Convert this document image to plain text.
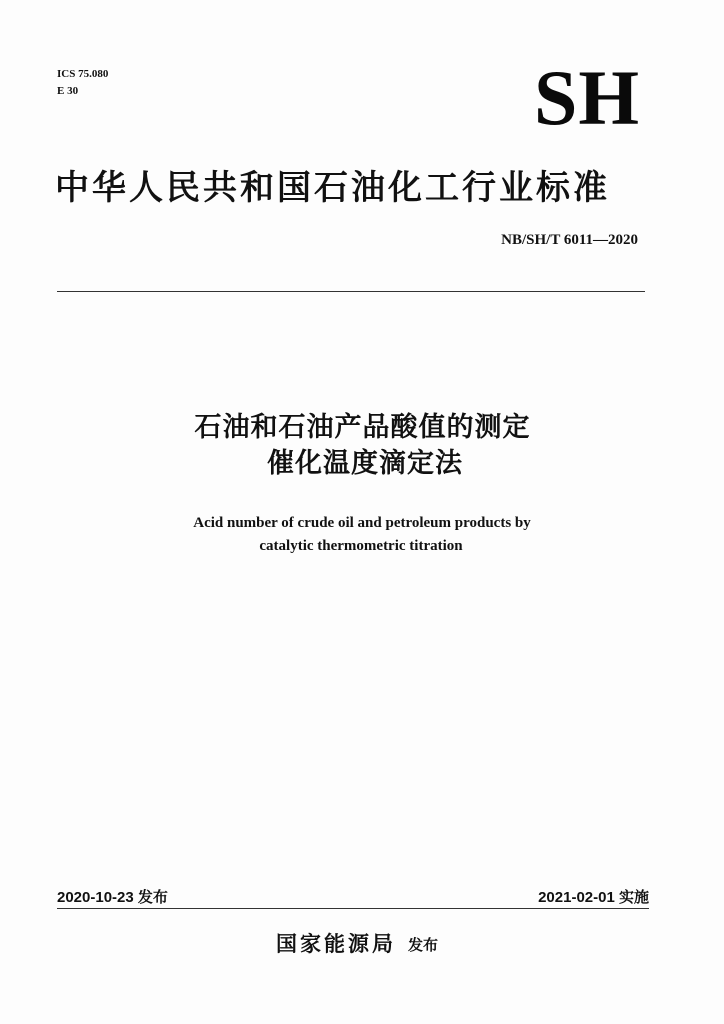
ICS 75.080
E 30	SH
中华人民共和国石油化工行业标准
NB/SH/T 6011—2020
石油和石油产品酸值的测定
催化温度滴定法
Acid number of crude oil and petroleum products by
catalytic thermometric titration
2020-10-23 发布	2021-02-01 实施
国家能源局 发布
